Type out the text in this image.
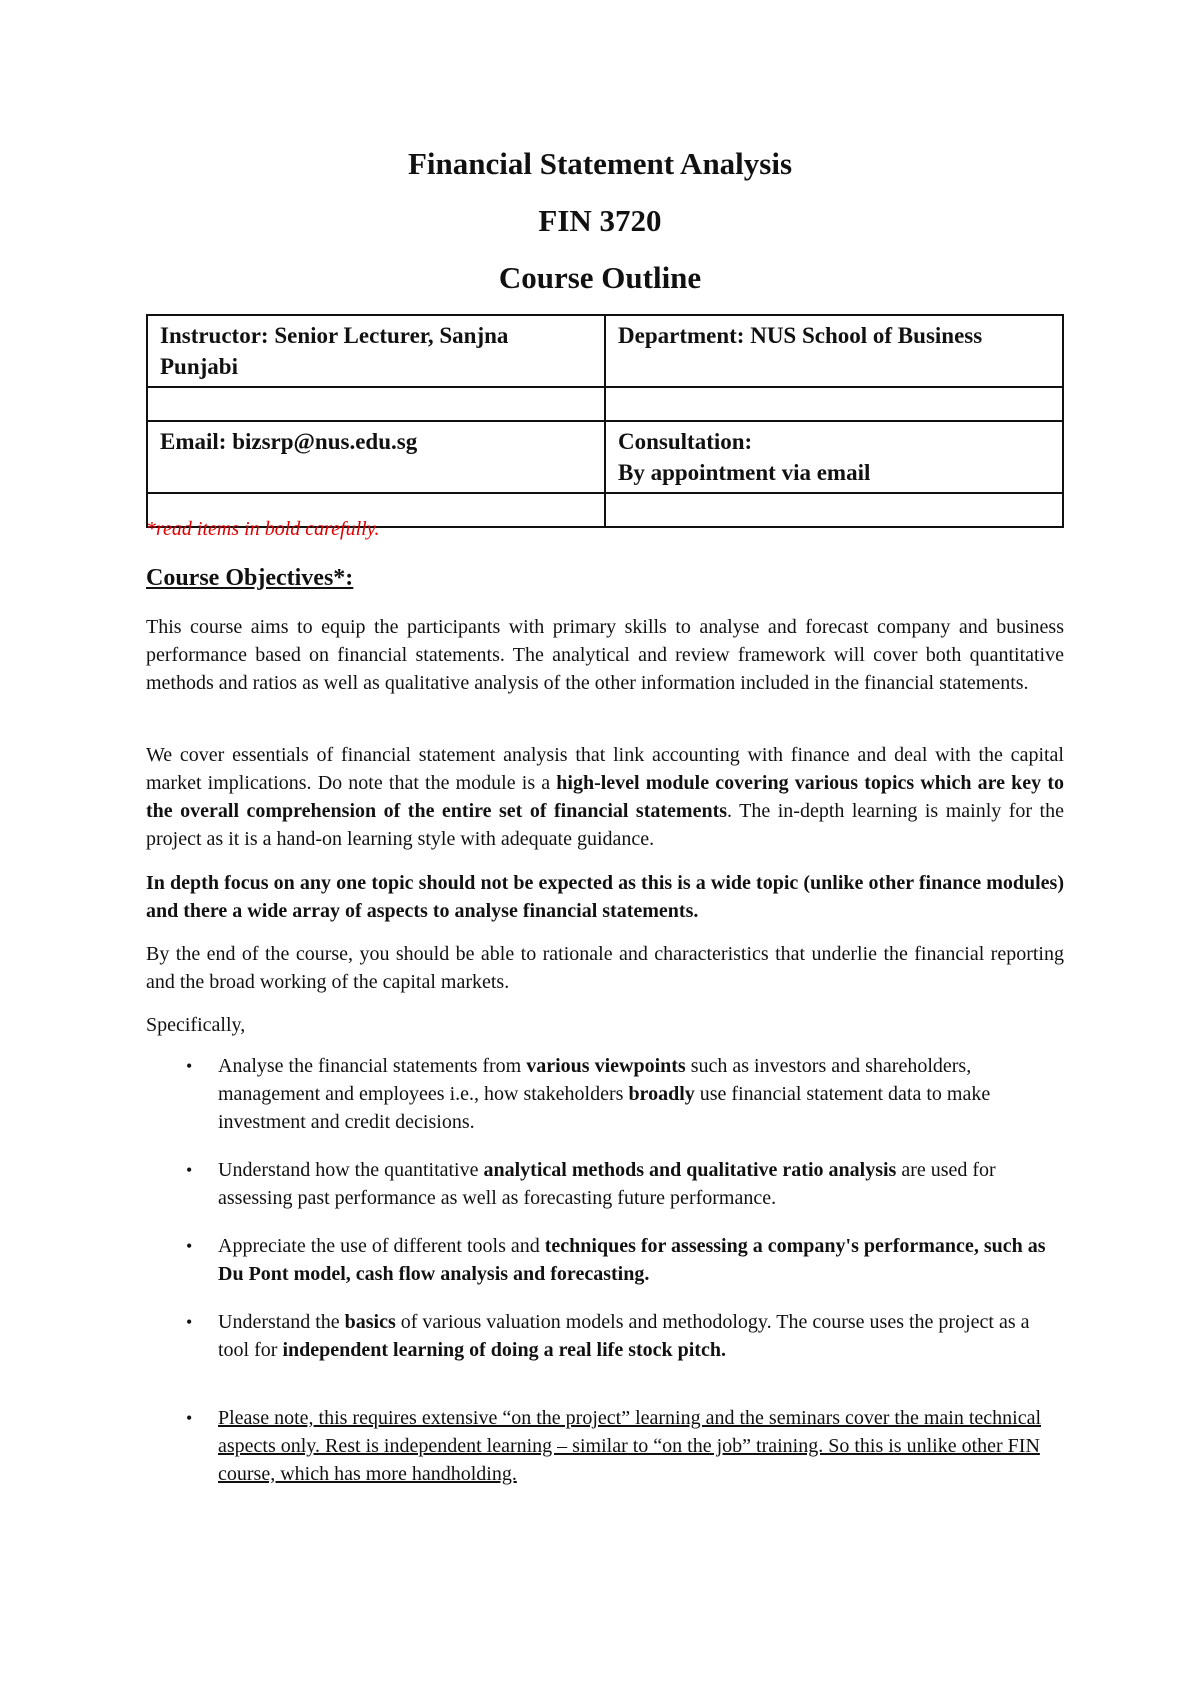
Financial Statement Analysis
FIN 3720
Course Outline
Instructor: Senior Lecturer, Sanjna Punjabi	Department: NUS School of Business

Email: bizsrp@nus.edu.sg	Consultation:
By appointment via email

*read items in bold carefully.
Course Objectives*:
This course aims to equip the participants with primary skills to analyse and forecast company and business performance based on financial statements. The analytical and review framework will cover both quantitative methods and ratios as well as qualitative analysis of the other information included in the financial statements.
We cover essentials of financial statement analysis that link accounting with finance and deal with the capital market implications. Do note that the module is a high-level module covering various topics which are key to the overall comprehension of the entire set of financial statements. The in-depth learning is mainly for the project as it is a hand-on learning style with adequate guidance.
In depth focus on any one topic should not be expected as this is a wide topic (unlike other finance modules) and there a wide array of aspects to analyse financial statements.
By the end of the course, you should be able to rationale and characteristics that underlie the financial reporting and the broad working of the capital markets.
Specifically,
• Analyse the financial statements from various viewpoints such as investors and shareholders, management and employees i.e., how stakeholders broadly use financial statement data to make investment and credit decisions.
• Understand how the quantitative analytical methods and qualitative ratio analysis are used for assessing past performance as well as forecasting future performance.
• Appreciate the use of different tools and techniques for assessing a company's performance, such as Du Pont model, cash flow analysis and forecasting.
• Understand the basics of various valuation models and methodology. The course uses the project as a tool for independent learning of doing a real life stock pitch.
• Please note, this requires extensive “on the project” learning and the seminars cover the main technical aspects only. Rest is independent learning – similar to “on the job” training. So this is unlike other FIN course, which has more handholding.
